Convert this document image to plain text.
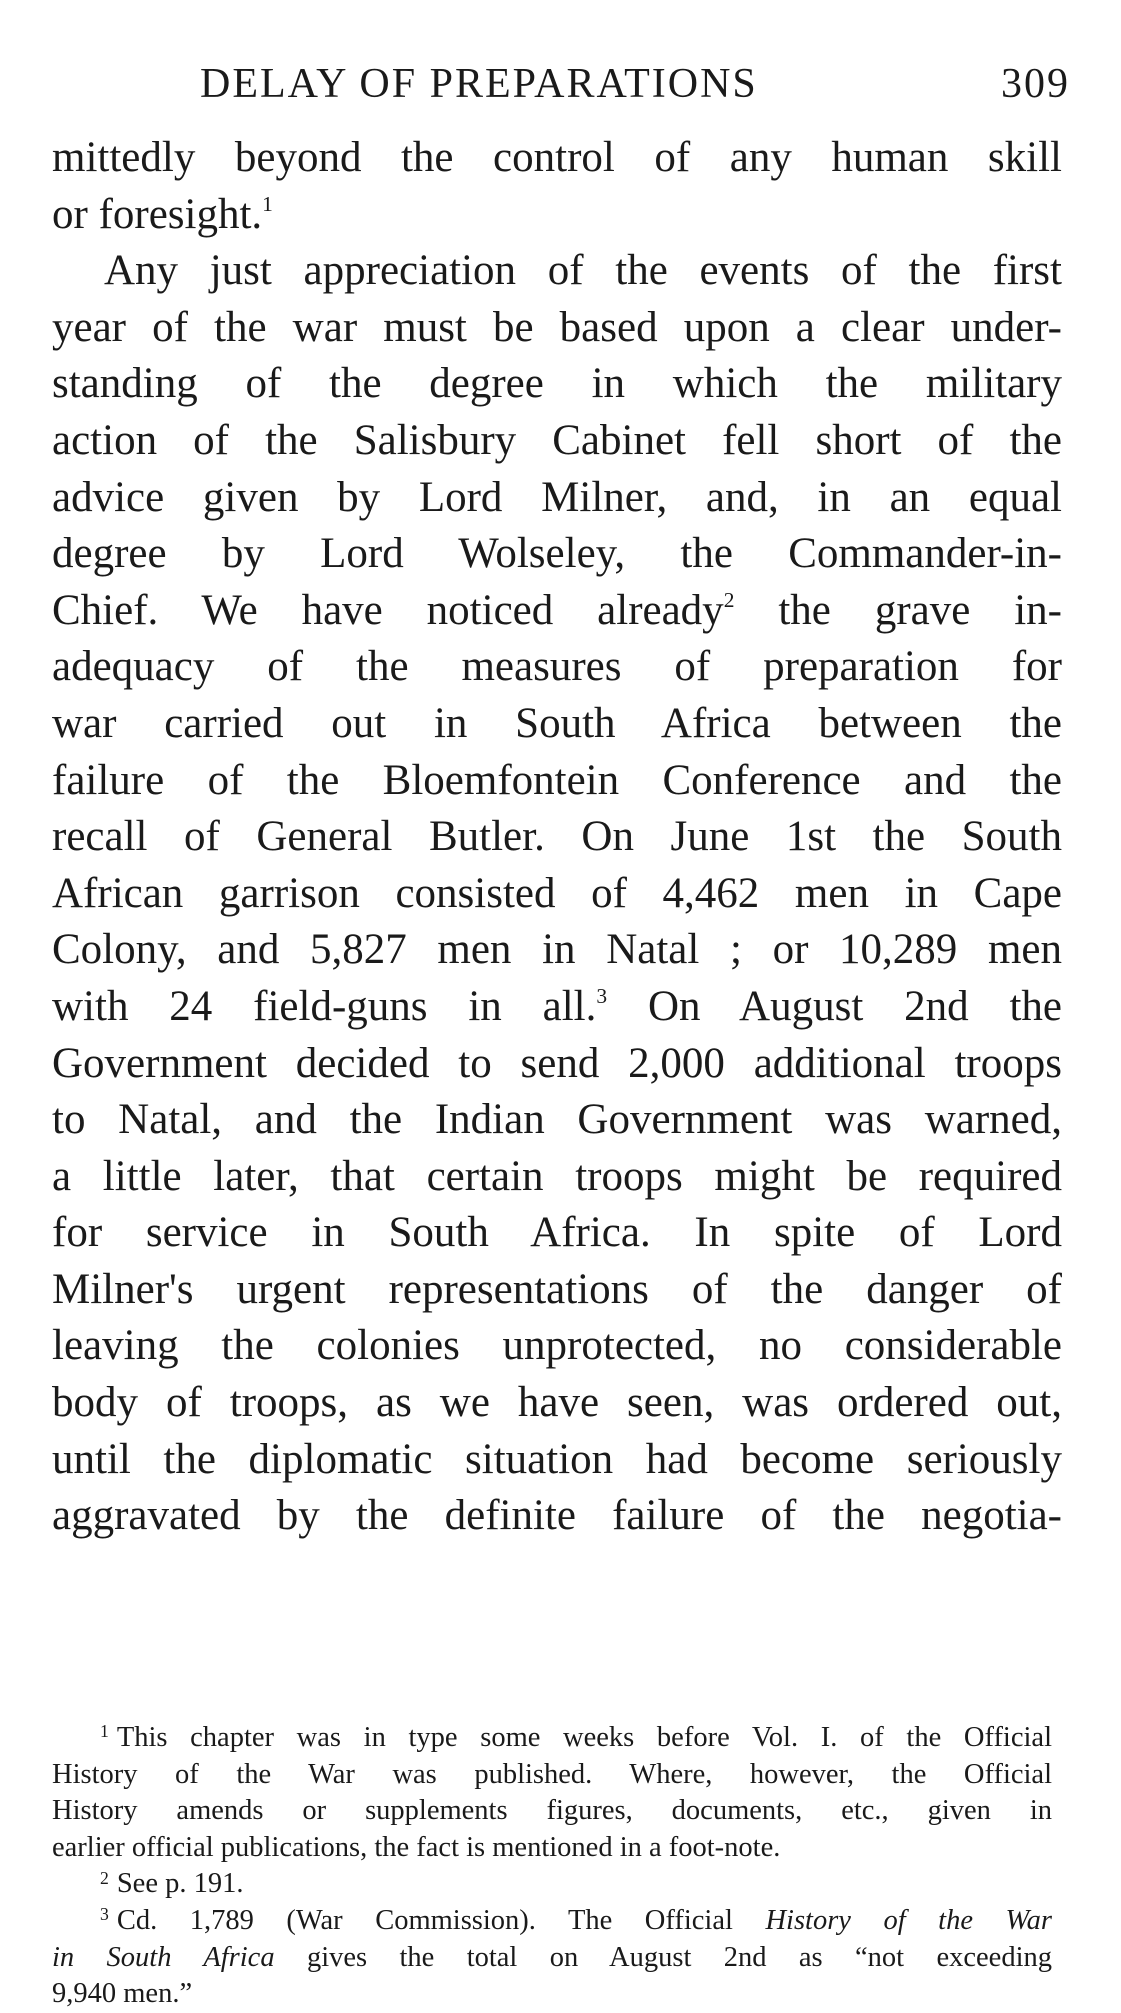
DELAY OF PREPARATIONS	309
mittedly beyond the control of any human skill
or foresight.$^1$
Any just appreciation of the events of the first
year of the war must be based upon a clear under-
standing of the degree in which the military
action of the Salisbury Cabinet fell short of the
advice given by Lord Milner, and, in an equal
degree by Lord Wolseley, the Commander-in-
Chief. We have noticed already$^2$ the grave in-
adequacy of the measures of preparation for
war carried out in South Africa between the
failure of the Bloemfontein Conference and the
recall of General Butler. On June 1st the South
African garrison consisted of 4,462 men in Cape
Colony, and 5,827 men in Natal ; or 10,289 men
with 24 field-guns in all.$^3$ On August 2nd the
Government decided to send 2,000 additional troops
to Natal, and the Indian Government was warned,
a little later, that certain troops might be required
for service in South Africa. In spite of Lord
Milner's urgent representations of the danger of
leaving the colonies unprotected, no considerable
body of troops, as we have seen, was ordered out,
until the diplomatic situation had become seriously
aggravated by the definite failure of the negotia-
$^1$ This chapter was in type some weeks before Vol. I. of the Official
History of the War was published. Where, however, the Official
History amends or supplements figures, documents, etc., given in
earlier official publications, the fact is mentioned in a foot-note.
$^2$ See p. 191.
$^3$ Cd. 1,789 (War Commission). The Official History of the War
in South Africa gives the total on August 2nd as “not exceeding
9,940 men.”
